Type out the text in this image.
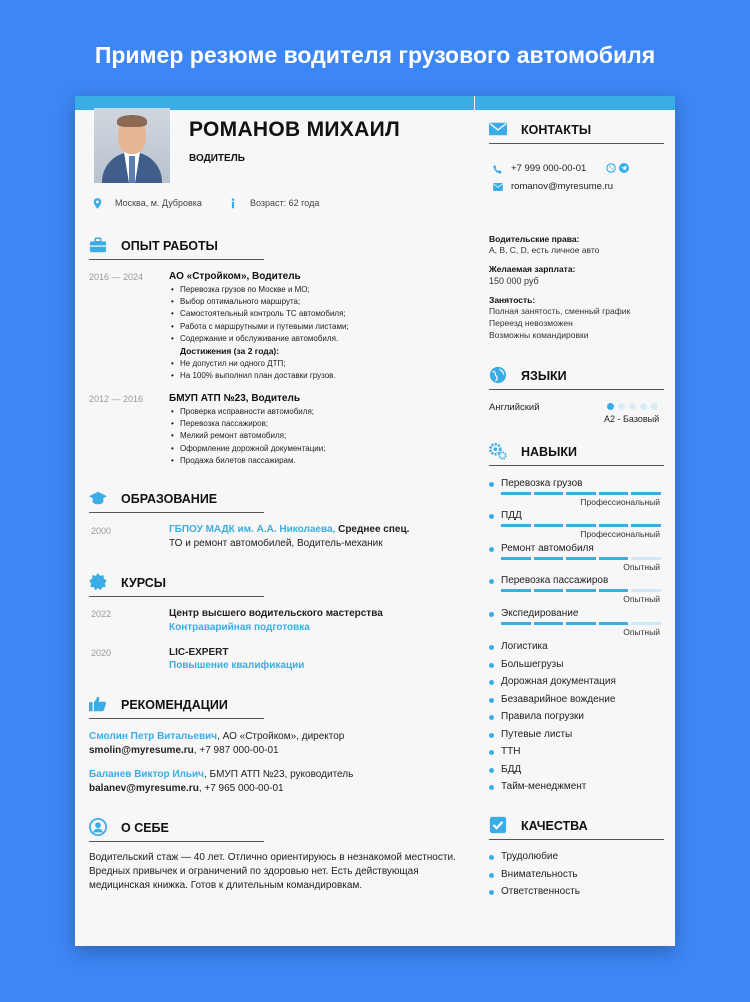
Пример резюме водителя грузового автомобиля
РОМАНОВ МИХАИЛ
ВОДИТЕЛЬ
Москва, м. Дубровка	Возраст: 62 года
ОПЫТ РАБОТЫ
2016 — 2024	АО «Стройком», Водитель
• Перевозка грузов по Москве и МО;
• Выбор оптимального маршрута;
• Самостоятельный контроль ТС автомобиля;
• Работа с маршрутными и путевыми листами;
• Содержание и обслуживание автомобиля.
Достижения (за 2 года):
• Не допустил ни одного ДТП;
• На 100% выполнил план доставки грузов.
2012 — 2016	БМУП АТП №23, Водитель
• Проверка исправности автомобиля;
• Перевозка пассажиров;
• Мелкий ремонт автомобиля;
• Оформление дорожной документации;
• Продажа билетов пассажирам.
ОБРАЗОВАНИЕ
2000	ГБПОУ МАДК им. А.А. Николаева, Среднее спец.
ТО и ремонт автомобилей, Водитель-механик
КУРСЫ
2022	Центр высшего водительского мастерства
Контраварийная подготовка
2020	LIC-EXPERT
Повышение квалификации
РЕКОМЕНДАЦИИ
Смолин Петр Витальевич, АО «Стройком», директор
smolin@myresume.ru, +7 987 000-00-01
Баланев Виктор Ильич, БМУП АТП №23, руководитель
balanev@myresume.ru, +7 965 000-00-01
О СЕБЕ
Водительский стаж — 40 лет. Отлично ориентируюсь в незнакомой местности. Вредных привычек и ограничений по здоровью нет. Есть действующая медицинская книжка. Готов к длительным командировкам.
КОНТАКТЫ
+7 999 000-00-01
romanov@myresume.ru
Водительские права:
A, B, C, D, есть личное авто
Желаемая зарплата:
150 000 руб
Занятость:
Полная занятость, сменный график
Переезд невозможен
Возможны командировки
ЯЗЫКИ
Английский
A2 - Базовый
НАВЫКИ
Перевозка грузов
Профессиональный
ПДД
Профессиональный
Ремонт автомобиля
Опытный
Перевозка пассажиров
Опытный
Экспедирование
Опытный
Логистика
Большегрузы
Дорожная документация
Безаварийное вождение
Правила погрузки
Путевые листы
ТТН
БДД
Тайм-менеджмент
КАЧЕСТВА
Трудолюбие
Внимательность
Ответственность
